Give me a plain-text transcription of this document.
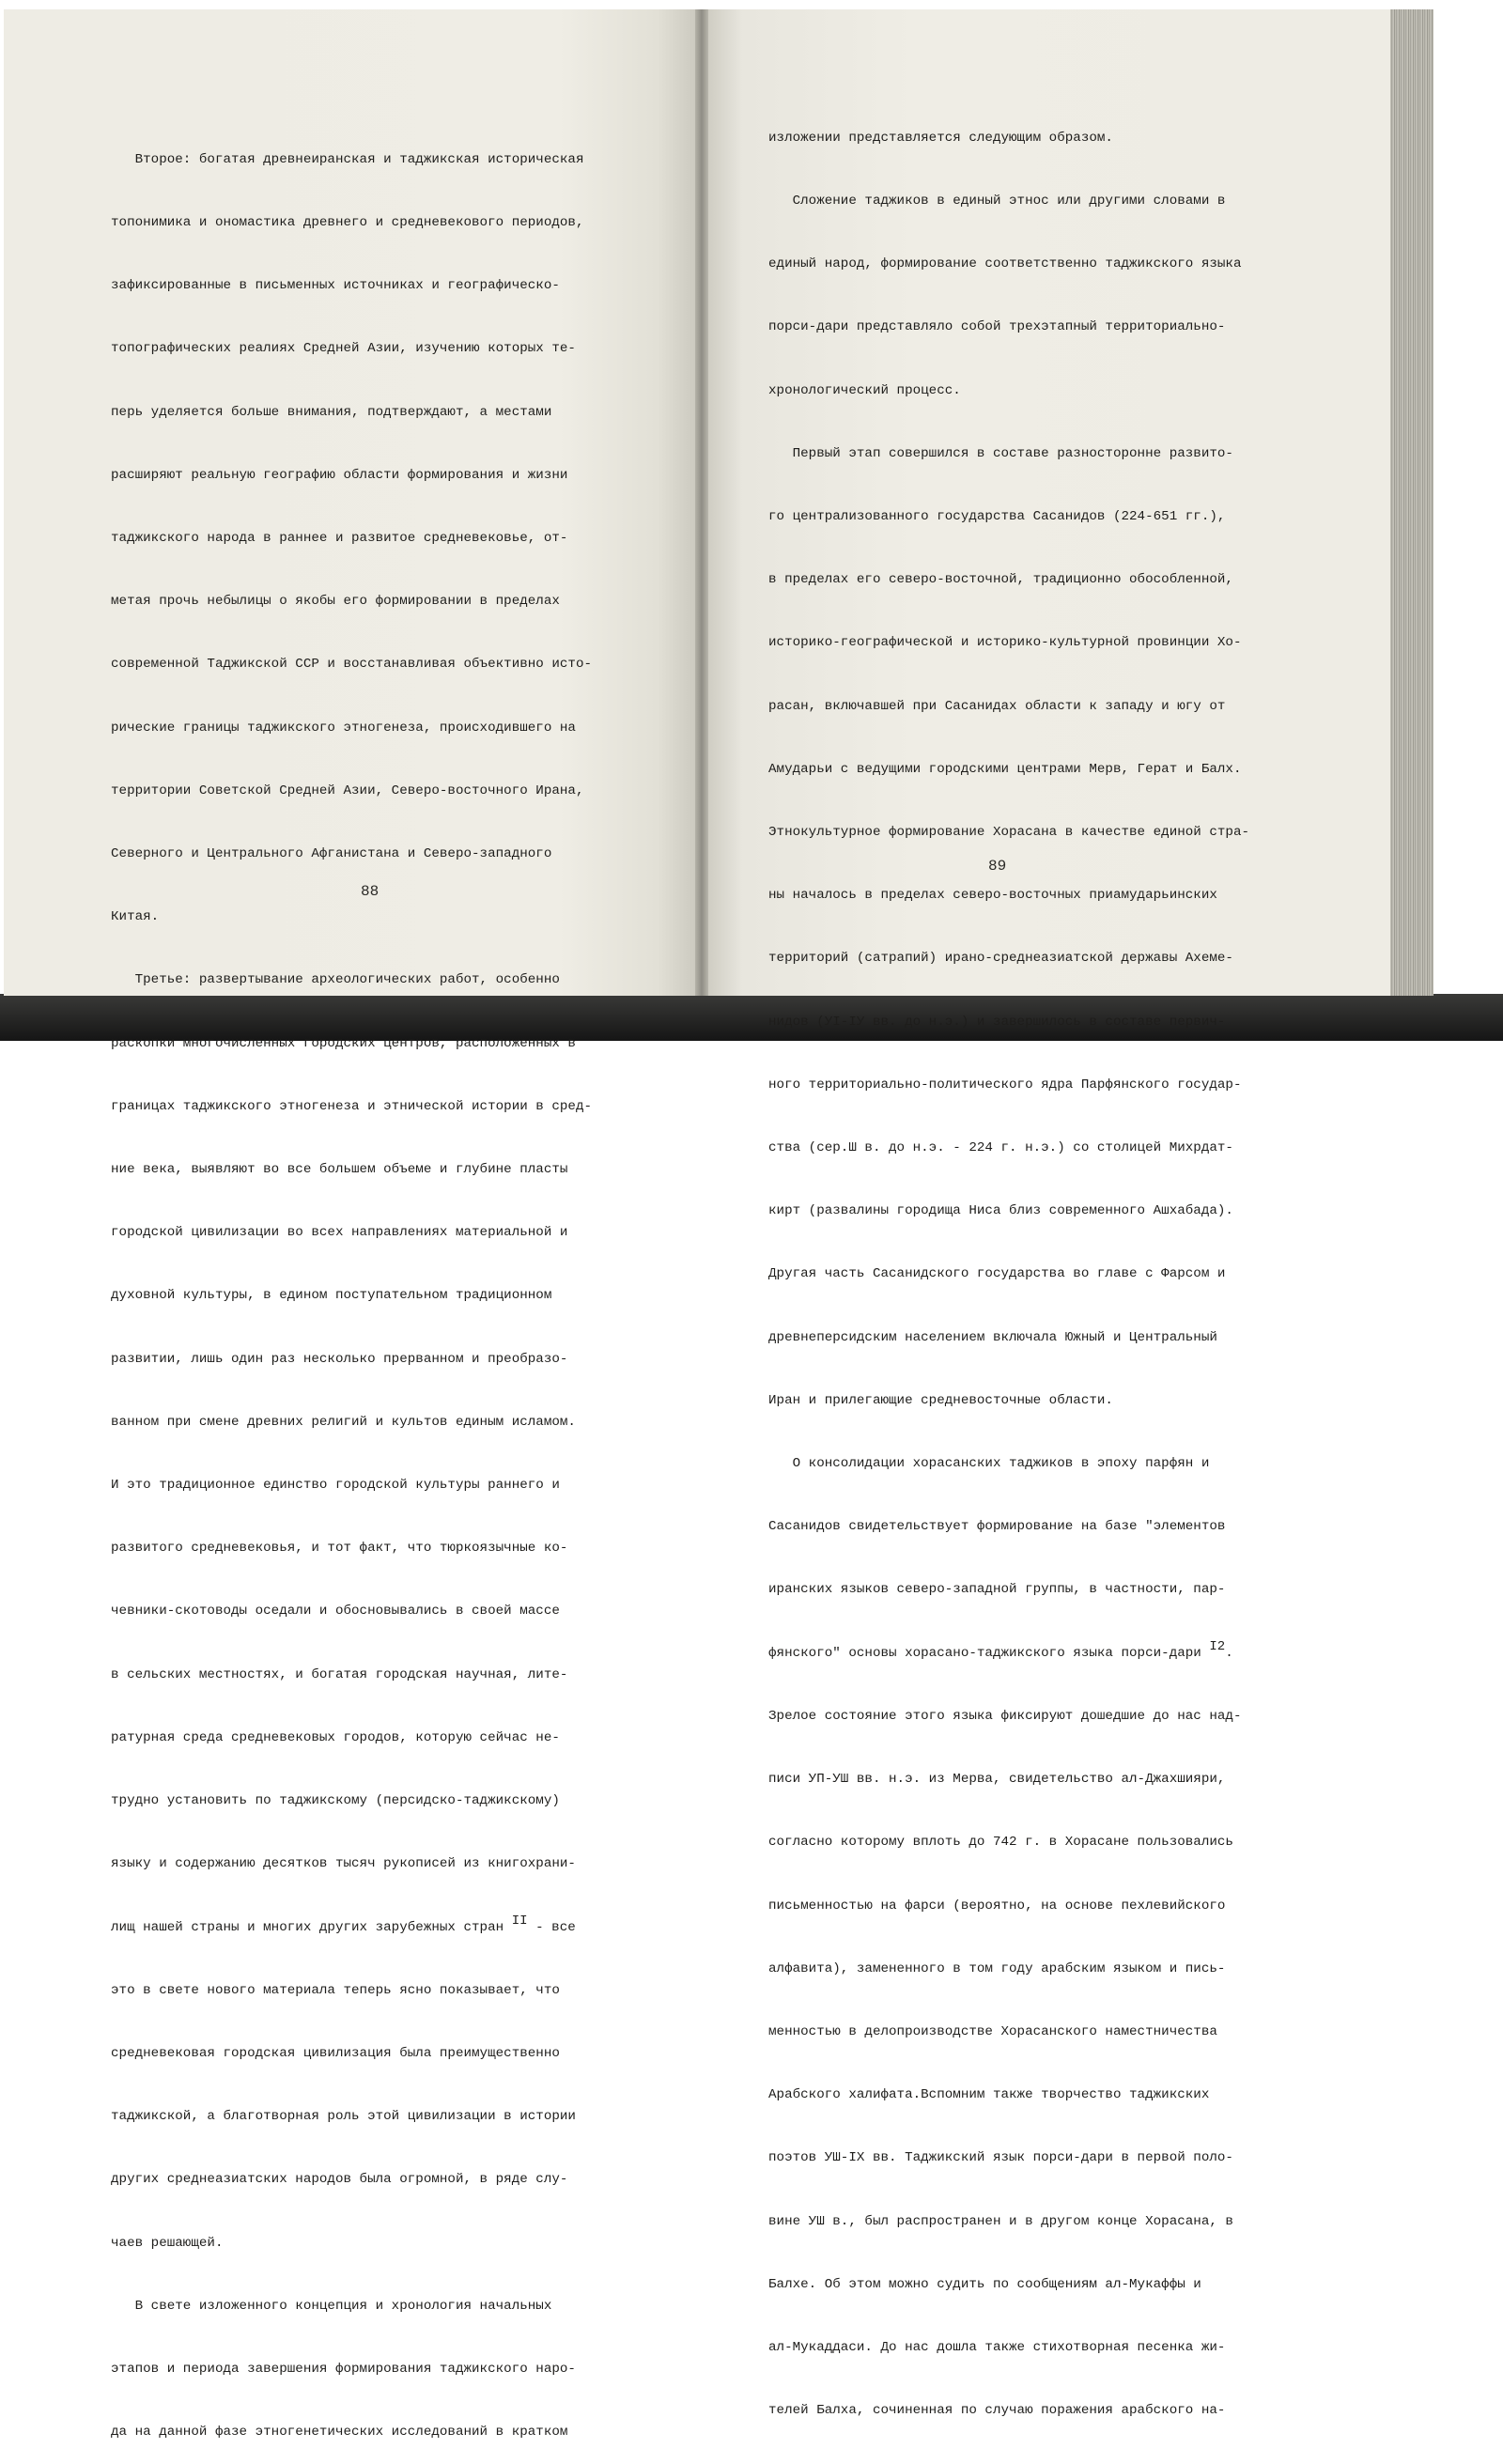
Второе: богатая древнеиранская и таджикская историческая

топонимика и ономастика древнего и средневекового периодов,

зафиксированные в письменных источниках и географическо-

топографических реалиях Средней Азии, изучению которых те-

перь уделяется больше внимания, подтверждают, а местами

расширяют реальную географию области формирования и жизни

таджикского народа в раннее и развитое средневековье, от-

метая прочь небылицы о якобы его формировании в пределах

современной Таджикской ССР и восстанавливая объективно исто-

рические границы таджикского этногенеза, происходившего на

территории Советской Средней Азии, Северо-восточного Ирана,

Северного и Центрального Афганистана и Северо-западного

Китая.

Третье: развертывание археологических работ, особенно

раскопки многочисленных городских центров, расположенных в

границах таджикского этногенеза и этнической истории в сред-

ние века, выявляют во все большем объеме и глубине пласты

городской цивилизации во всех направлениях материальной и

духовной культуры, в едином поступательном традиционном

развитии, лишь один раз несколько прерванном и преобразо-

ванном при смене древних религий и культов единым исламом.

И это традиционное единство городской культуры раннего и

развитого средневековья, и тот факт, что тюркоязычные ко-

чевники-скотоводы оседали и обосновывались в своей массе

в сельских местностях, и богатая городская научная, лите-

ратурная среда средневековых городов, которую сейчас не-

трудно установить по таджикскому (персидско-таджикскому)

языку и содержанию десятков тысяч рукописей из книгохрани-

лищ нашей страны и многих других зарубежных стран II - все

это в свете нового материала теперь ясно показывает, что

средневековая городская цивилизация была преимущественно

таджикской, а благотворная роль этой цивилизации в истории

других среднеазиатских народов была огромной, в ряде слу-

чаев решающей.

В свете изложенного концепция и хронология начальных

этапов и периода завершения формирования таджикского наро-

да на данной фазе этногенетических исследований в кратком

88

изложении представляется следующим образом.

Сложение таджиков в единый этнос или другими словами в

единый народ, формирование соответственно таджикского языка

порси-дари представляло собой трехэтапный территориально-

хронологический процесс.

Первый этап совершился в составе разносторонне развито-

го централизованного государства Сасанидов (224-651 гг.),

в пределах его северо-восточной, традиционно обособленной,

историко-географической и историко-культурной провинции Хо-

расан, включавшей при Сасанидах области к западу и югу от

Амударьи с ведущими городскими центрами Мерв, Герат и Балх.

Этнокультурное формирование Хорасана в качестве единой стра-

ны началось в пределах северо-восточных приамударьинских

территорий (сатрапий) ирано-среднеазиатской державы Ахеме-

нидов (УI-IУ вв. до н.э.) и завершилось в составе первич-

ного территориально-политического ядра Парфянского государ-

ства (сер.Ш в. до н.э. - 224 г. н.э.) со столицей Михрдат-

кирт (развалины городища Ниса близ современного Ашхабада).

Другая часть Сасанидского государства во главе с Фарсом и

древнеперсидским населением включала Южный и Центральный

Иран и прилегающие средневосточные области.

О консолидации хорасанских таджиков в эпоху парфян и

Сасанидов свидетельствует формирование на базе "элементов

иранских языков северо-западной группы, в частности, пар-

фянского" основы хорасано-таджикского языка порси-дари I2.

Зрелое состояние этого языка фиксируют дошедшие до нас над-

писи УП-УШ вв. н.э. из Мерва, свидетельство ал-Джахшияри,

согласно которому вплоть до 742 г. в Хорасане пользовались

письменностью на фарси (вероятно, на основе пехлевийского

алфавита), замененного в том году арабским языком и пись-

менностью в делопроизводстве Хорасанского наместничества

Арабского халифата.Вспомним также творчество таджикских

поэтов УШ-IX вв. Таджикский язык порси-дари в первой поло-

вине УШ в., был распространен и в другом конце Хорасана, в

Балхе. Об этом можно судить по сообщениям ал-Мукаффы и

ал-Мукаддаси. До нас дошла также стихотворная песенка жи-

телей Балха, сочиненная по случаю поражения арабского на-

89
